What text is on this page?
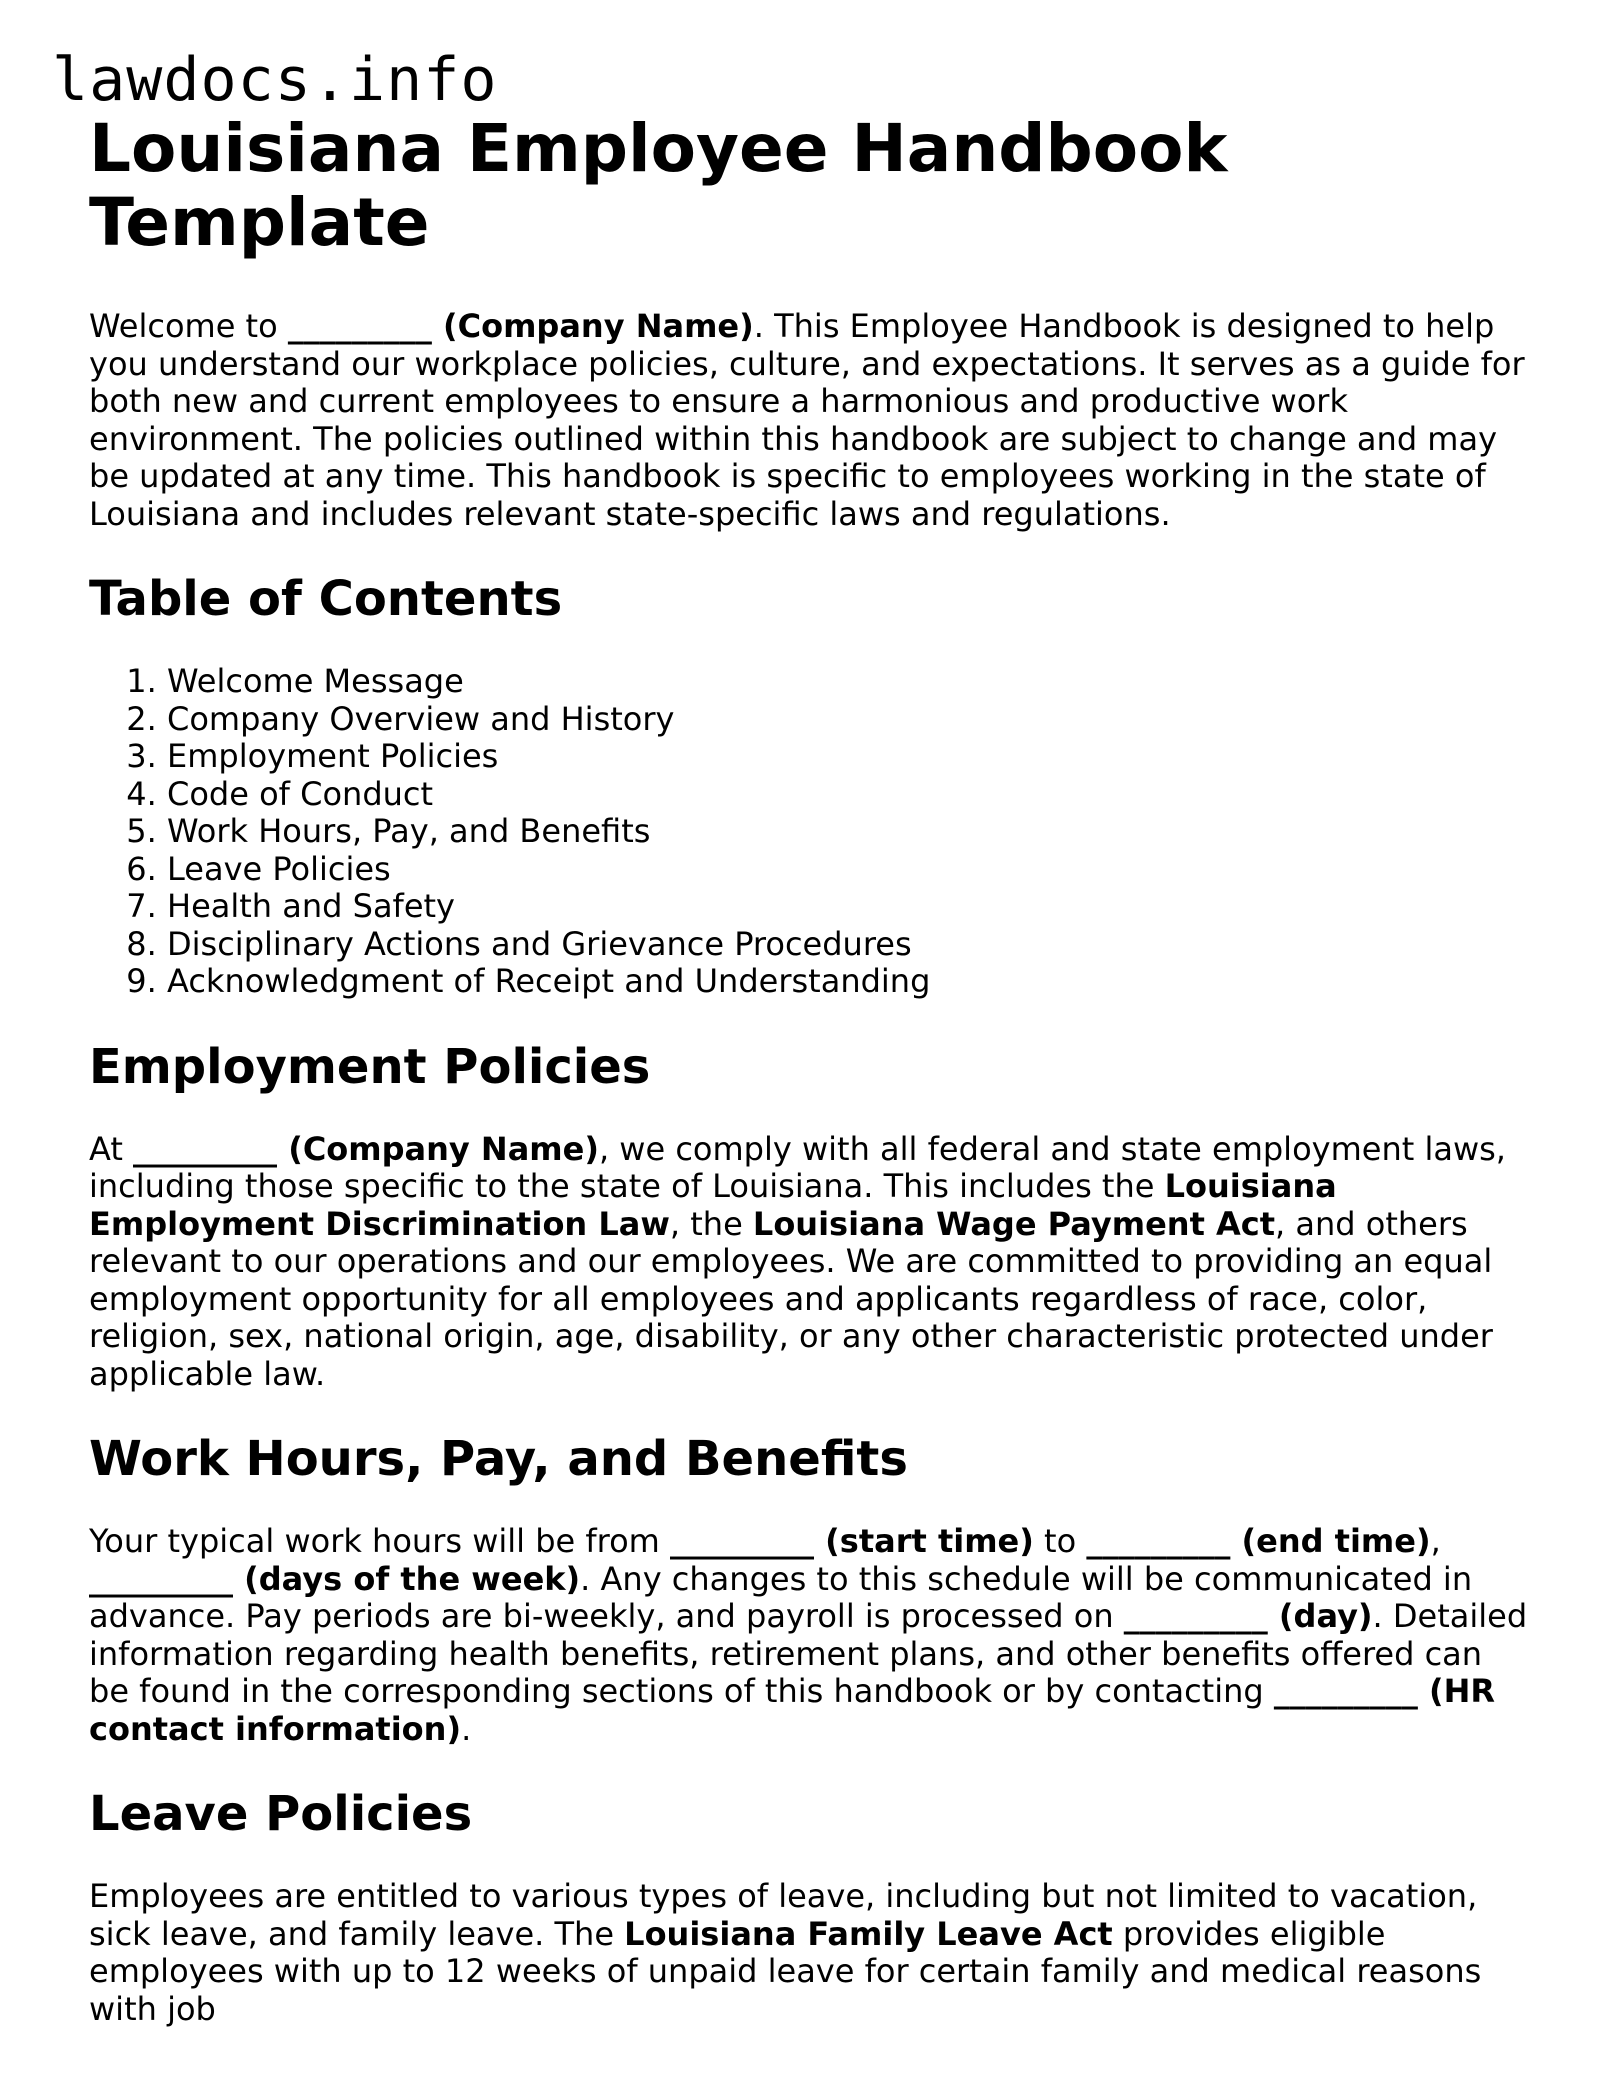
lawdocs.info
Louisiana Employee Handbook Template

Welcome to _________ (Company Name). This Employee Handbook is designed to help you understand our workplace policies, culture, and expectations. It serves as a guide for both new and current employees to ensure a harmonious and productive work environment. The policies outlined within this handbook are subject to change and may be updated at any time. This handbook is specific to employees working in the state of Louisiana and includes relevant state-specific laws and regulations.

Table of Contents
1. Welcome Message
2. Company Overview and History
3. Employment Policies
4. Code of Conduct
5. Work Hours, Pay, and Benefits
6. Leave Policies
7. Health and Safety
8. Disciplinary Actions and Grievance Procedures
9. Acknowledgment of Receipt and Understanding
Employment Policies

At _________ (Company Name), we comply with all federal and state employment laws, including those specific to the state of Louisiana. This includes the Louisiana Employment Discrimination Law, the Louisiana Wage Payment Act, and others relevant to our operations and our employees. We are committed to providing an equal employment opportunity for all employees and applicants regardless of race, color, religion, sex, national origin, age, disability, or any other characteristic protected under applicable law.

Work Hours, Pay, and Benefits

Your typical work hours will be from _________ (start time) to _________ (end time), _________ (days of the week). Any changes to this schedule will be communicated in advance. Pay periods are bi-weekly, and payroll is processed on _________ (day). Detailed information regarding health benefits, retirement plans, and other benefits offered can be found in the corresponding sections of this handbook or by contacting _________ (HR contact information).

Leave Policies

Employees are entitled to various types of leave, including but not limited to vacation, sick leave, and family leave. The Louisiana Family Leave Act provides eligible employees with up to 12 weeks of unpaid leave for certain family and medical reasons with job
